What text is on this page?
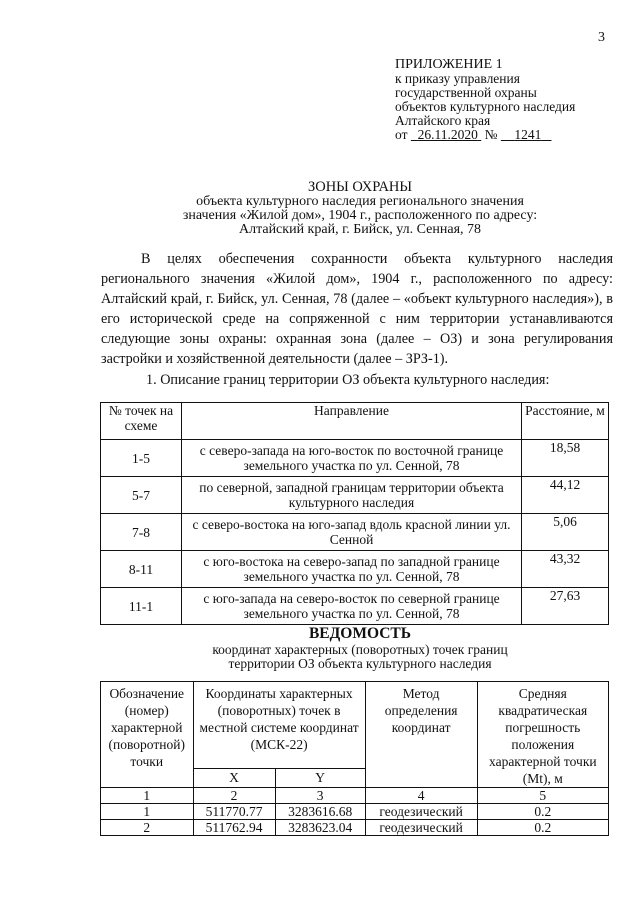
3
ПРИЛОЖЕНИЕ 1
к приказу управления
государственной охраны
объектов культурного наследия
Алтайского края
от 26.11.2020 № 1241
ЗОНЫ ОХРАНЫ
объекта культурного наследия регионального значения
значения «Жилой дом», 1904 г., расположенного по адресу:
Алтайский край, г. Бийск, ул. Сенная, 78
В целях обеспечения сохранности объекта культурного наследия регионального значения «Жилой дом», 1904 г., расположенного по адресу: Алтайский край, г. Бийск, ул. Сенная, 78 (далее – «объект культурного наследия»), в его исторической среде на сопряженной с ним территории устанавливаются следующие зоны охраны: охранная зона (далее – ОЗ) и зона регулирования застройки и хозяйственной деятельности (далее – ЗРЗ-1).
1. Описание границ территории ОЗ объекта культурного наследия:
№ точек на схеме	Направление	Расстояние, м
1-5	с северо-запада на юго-восток по восточной границе земельного участка по ул. Сенной, 78	18,58
5-7	по северной, западной границам территории объекта культурного наследия	44,12
7-8	с северо-востока на юго-запад вдоль красной линии ул. Сенной	5,06
8-11	с юго-востока на северо-запад по западной границе земельного участка по ул. Сенной, 78	43,32
11-1	с юго-запада на северо-восток по северной границе земельного участка по ул. Сенной, 78	27,63
ВЕДОМОСТЬ
координат характерных (поворотных) точек границ
территории ОЗ объекта культурного наследия
Обозначение (номер) характерной (поворотной) точки	Координаты характерных (поворотных) точек в местной системе координат (МСК-22)		Метод определения координат	Средняя квадратическая погрешность положения характерной точки (Mt), м
	X	Y		
1	2	3	4	5
1	511770.77	3283616.68	геодезический	0.2
2	511762.94	3283623.04	геодезический	0.2
